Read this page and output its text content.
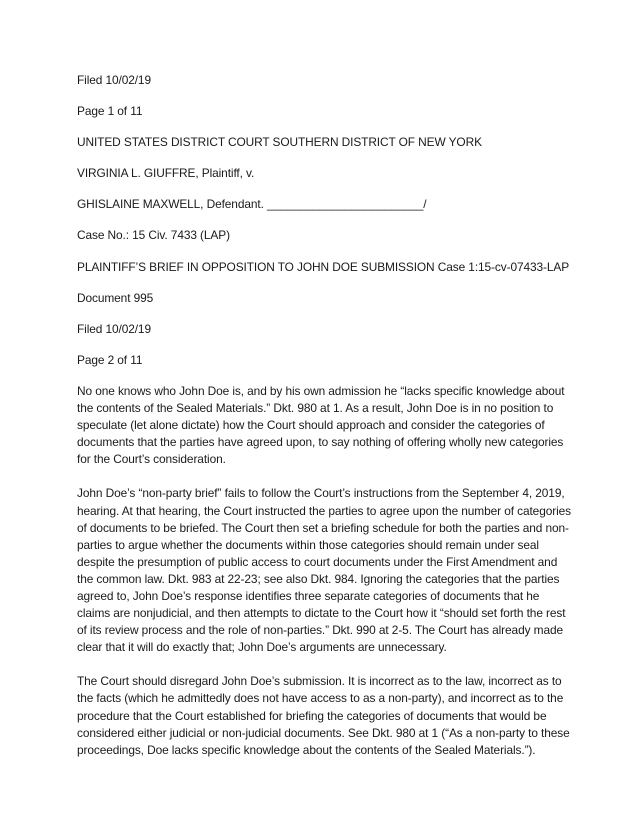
Filed 10/02/19
Page 1 of 11
UNITED STATES DISTRICT COURT SOUTHERN DISTRICT OF NEW YORK
VIRGINIA L. GIUFFRE, Plaintiff, v.
GHISLAINE MAXWELL, Defendant. ________________________/
Case No.: 15 Civ. 7433 (LAP)
PLAINTIFF’S BRIEF IN OPPOSITION TO JOHN DOE SUBMISSION Case 1:15-cv-07433-LAP
Document 995
Filed 10/02/19
Page 2 of 11

No one knows who John Doe is, and by his own admission he “lacks specific knowledge about the contents of the Sealed Materials.” Dkt. 980 at 1. As a result, John Doe is in no position to speculate (let alone dictate) how the Court should approach and consider the categories of documents that the parties have agreed upon, to say nothing of offering wholly new categories for the Court’s consideration.

John Doe’s “non-party brief” fails to follow the Court’s instructions from the September 4, 2019, hearing. At that hearing, the Court instructed the parties to agree upon the number of categories of documents to be briefed. The Court then set a briefing schedule for both the parties and non-parties to argue whether the documents within those categories should remain under seal despite the presumption of public access to court documents under the First Amendment and the common law. Dkt. 983 at 22-23; see also Dkt. 984. Ignoring the categories that the parties agreed to, John Doe’s response identifies three separate categories of documents that he claims are nonjudicial, and then attempts to dictate to the Court how it “should set forth the rest of its review process and the role of non-parties.” Dkt. 990 at 2-5. The Court has already made clear that it will do exactly that; John Doe’s arguments are unnecessary.

The Court should disregard John Doe’s submission. It is incorrect as to the law, incorrect as to the facts (which he admittedly does not have access to as a non-party), and incorrect as to the procedure that the Court established for briefing the categories of documents that would be considered either judicial or non-judicial documents. See Dkt. 980 at 1 (“As a non-party to these proceedings, Doe lacks specific knowledge about the contents of the Sealed Materials.”).
